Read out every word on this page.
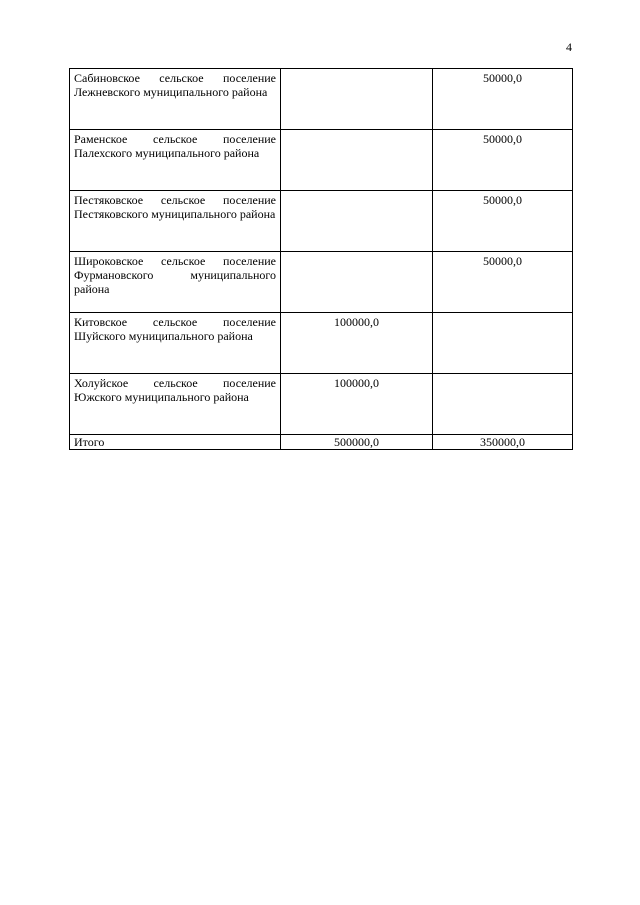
4
Сабиновское сельское поселение Лежневского муниципального района		50000,0
Раменское сельское поселение Палехского муниципального района		50000,0
Пестяковское сельское поселение Пестяковского муниципального района		50000,0
Широковское сельское поселение Фурмановского муниципального района		50000,0
Китовское сельское поселение Шуйского муниципального района	100000,0	
Холуйское сельское поселение Южского муниципального района	100000,0	
Итого	500000,0	350000,0
